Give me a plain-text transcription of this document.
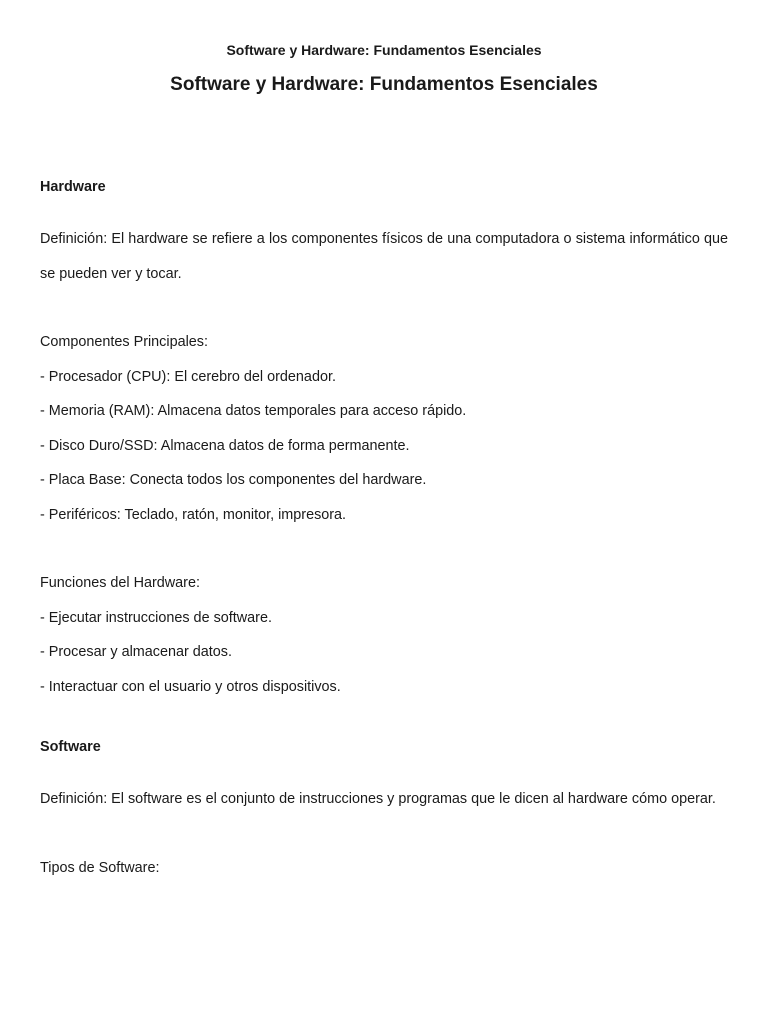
Software y Hardware: Fundamentos Esenciales
Software y Hardware: Fundamentos Esenciales

Hardware

Definición: El hardware se refiere a los componentes físicos de una computadora o sistema informático que se pueden ver y tocar.

Componentes Principales:

- Procesador (CPU): El cerebro del ordenador.

- Memoria (RAM): Almacena datos temporales para acceso rápido.

- Disco Duro/SSD: Almacena datos de forma permanente.

- Placa Base: Conecta todos los componentes del hardware.

- Periféricos: Teclado, ratón, monitor, impresora.

Funciones del Hardware:

- Ejecutar instrucciones de software.

- Procesar y almacenar datos.

- Interactuar con el usuario y otros dispositivos.

Software

Definición: El software es el conjunto de instrucciones y programas que le dicen al hardware cómo operar.

Tipos de Software:
